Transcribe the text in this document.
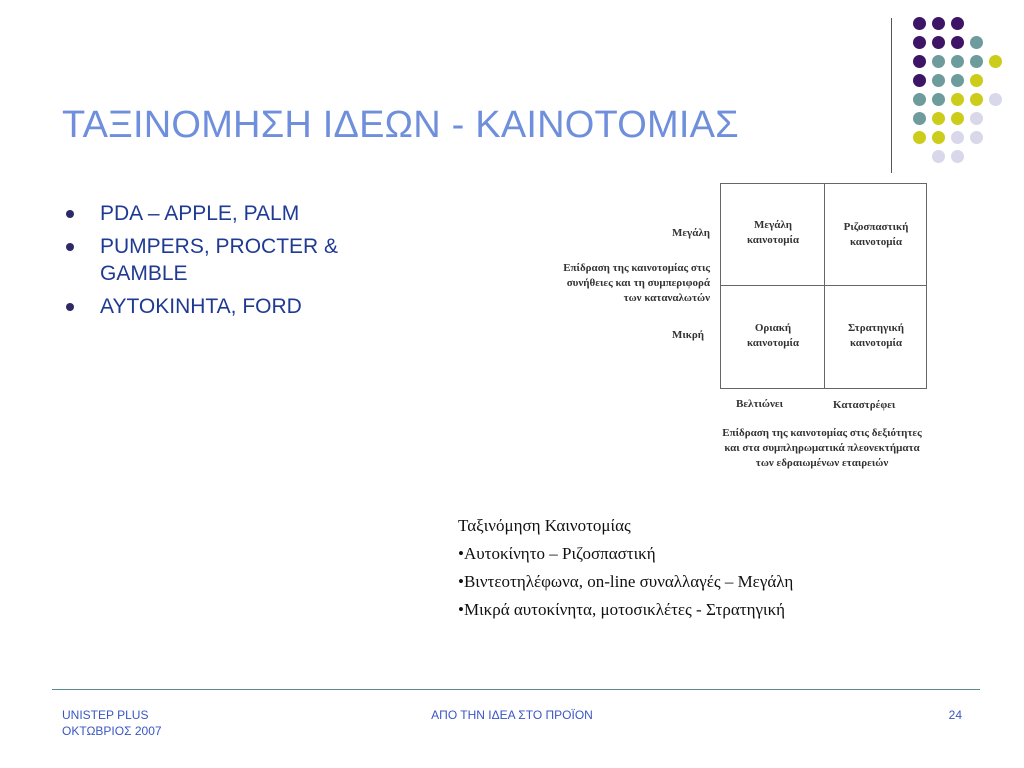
ΤΑΞΙΝΟΜΗΣΗ ΙΔΕΩΝ - ΚΑΙΝΟΤΟΜΙΑΣ
PDA – APPLE, PALM
PUMPERS, PROCTER & GAMBLE
ΑΥΤΟΚΙΝΗΤΑ, FORD
Μεγάλη
Επίδραση της καινοτομίας στις
συνήθειες και τη συμπεριφορά
των καταναλωτών
Μικρή
Μεγάλη
καινοτομία
Ριζοσπαστική
καινοτομία
Οριακή
καινοτομία
Στρατηγική
καινοτομία
Βελτιώνει	Καταστρέφει
Επίδραση της καινοτομίας στις δεξιότητες
και στα συμπληρωματικά πλεονεκτήματα
των εδραιωμένων εταιρειών
Ταξινόμηση Καινοτομίας
•Αυτοκίνητο – Ριζοσπαστική
•Βιντεοτηλέφωνα, on-line συναλλαγές – Μεγάλη
•Μικρά αυτοκίνητα, μοτοσικλέτες - Στρατηγική
UNISTEP PLUS
ΟΚΤΩΒΡΙΟΣ 2007
ΑΠΟ ΤΗΝ ΙΔΕΑ ΣΤΟ ΠΡΟΪΟΝ	24
